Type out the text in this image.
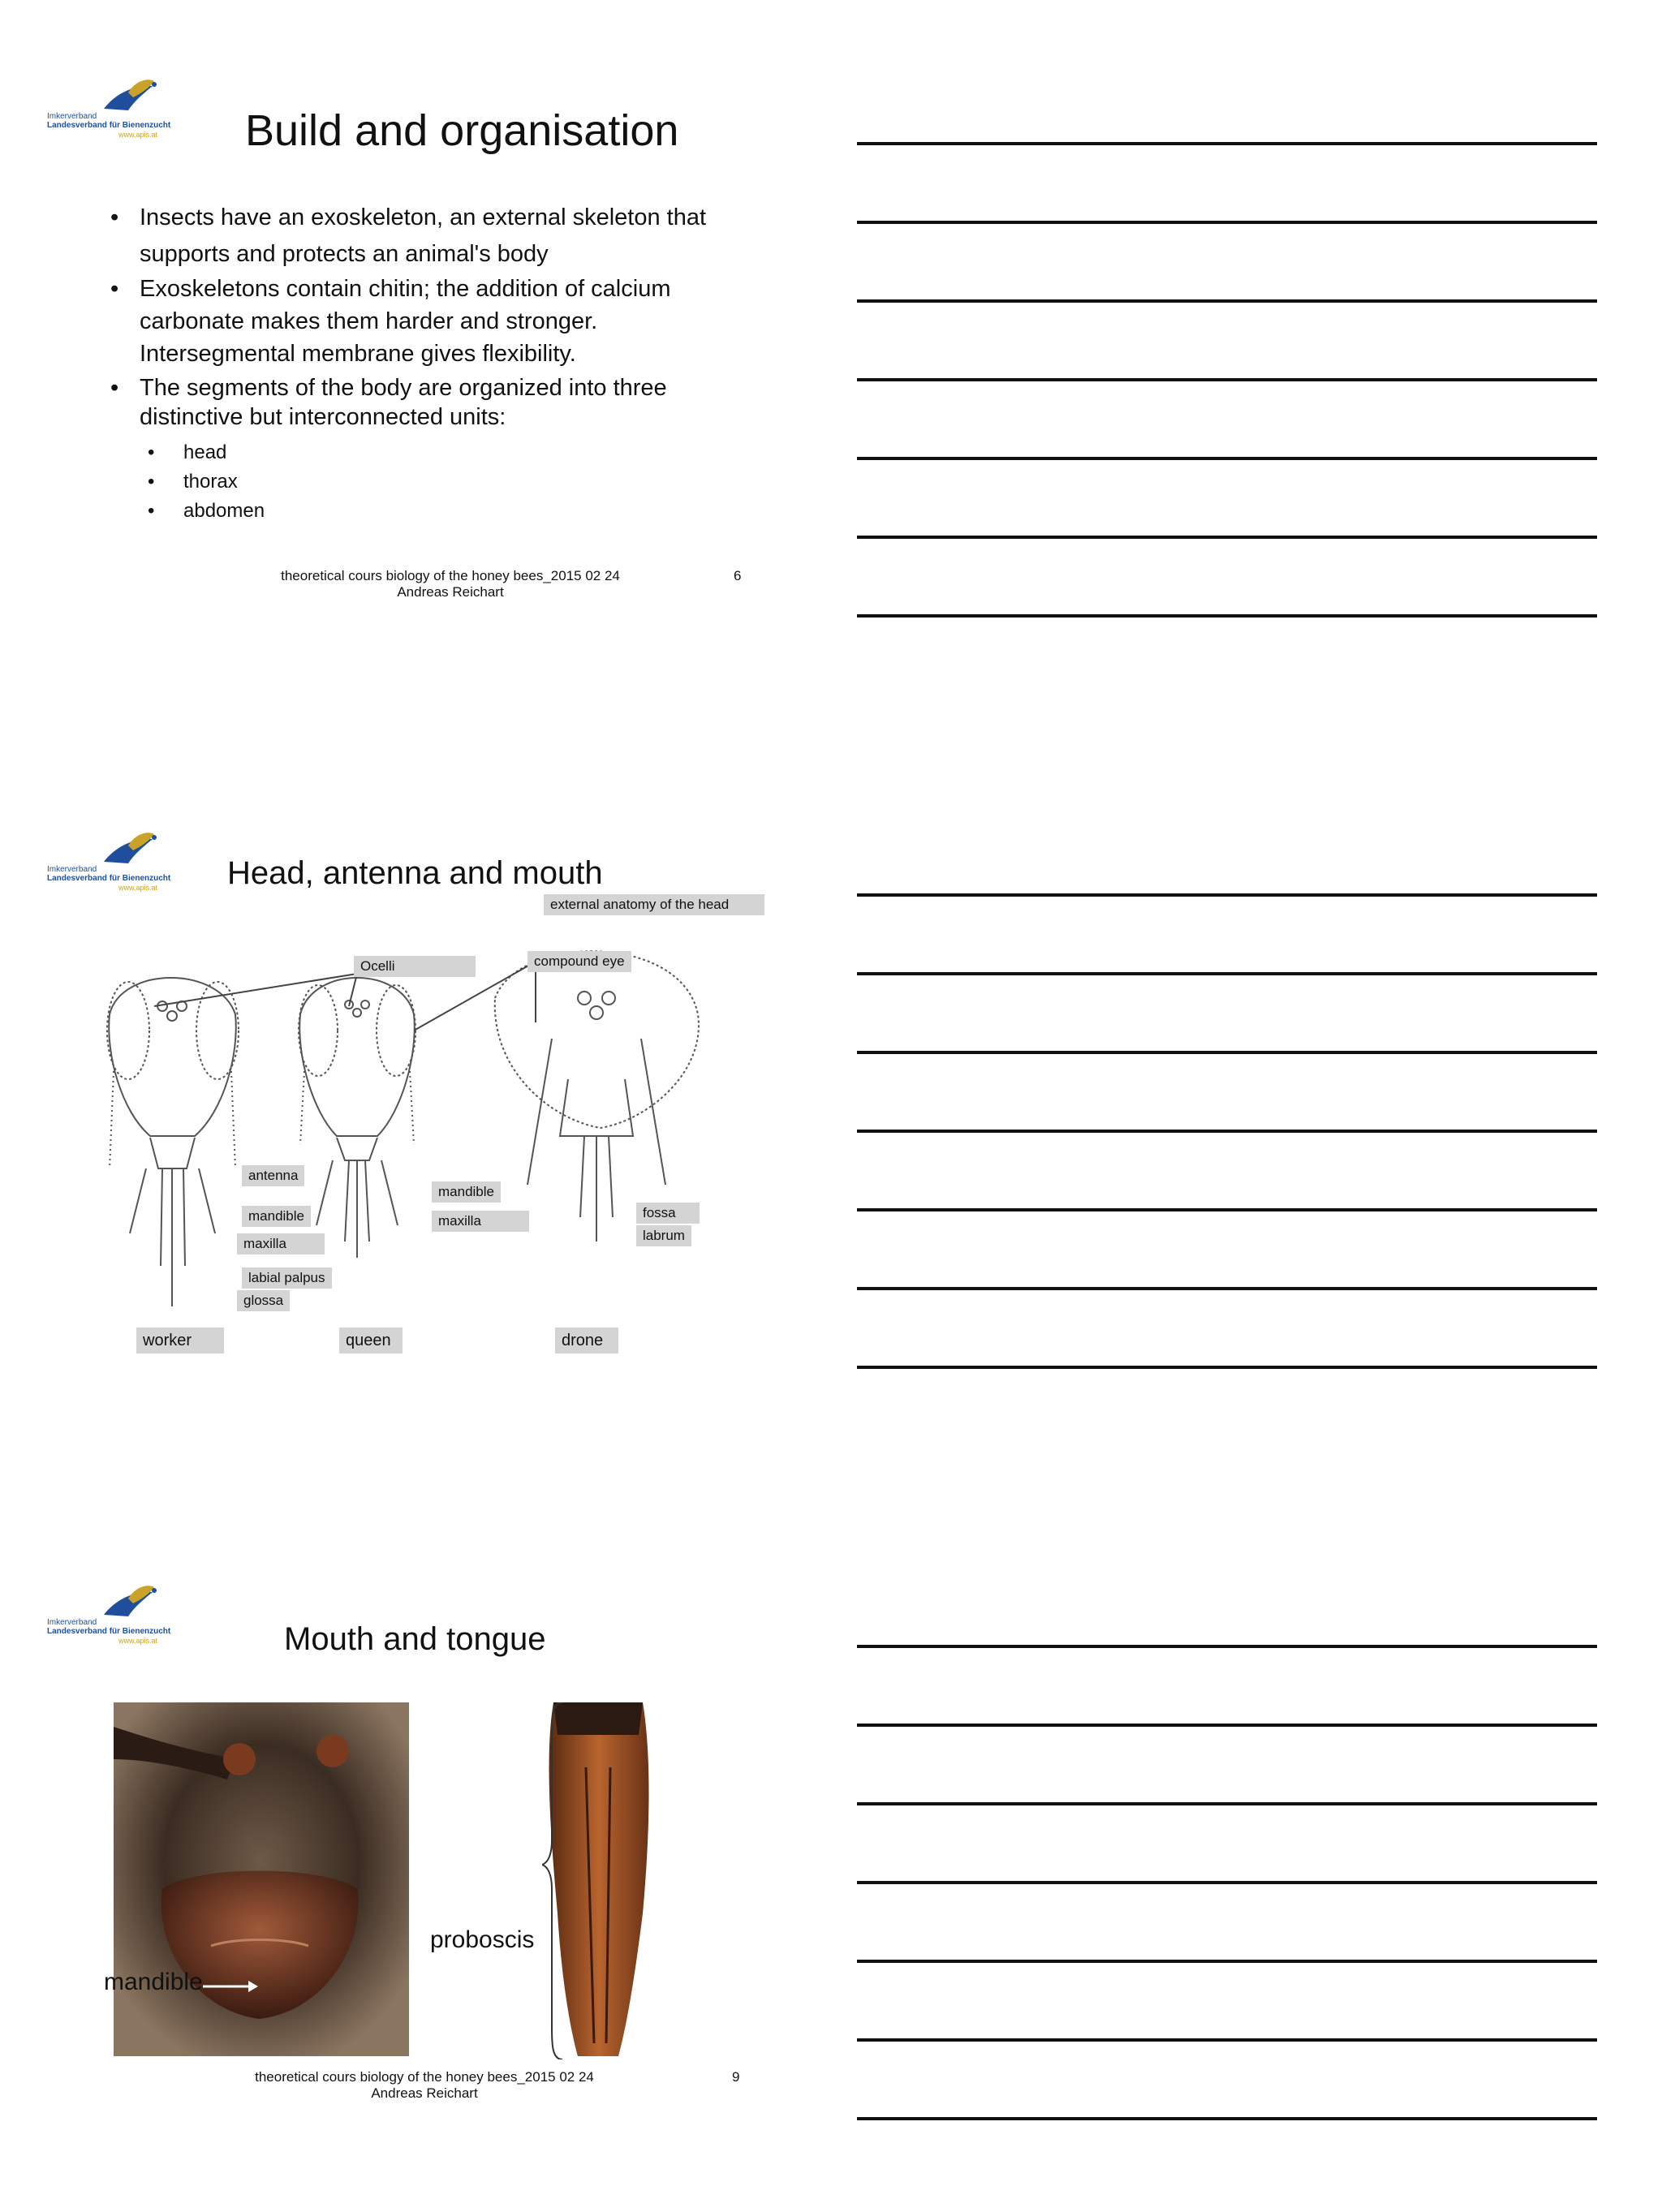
Imkerverband
Landesverband für Bienenzucht
www.apis.at Build and organisation
• Insects have an exoskeleton, an external skeleton that supports and protects an animal's body
• Exoskeletons contain chitin; the addition of calcium carbonate makes them harder and stronger. Intersegmental membrane gives flexibility.
• The segments of the body are organized into three distinctive but interconnected units:
• head
• thorax
• abdomen
theoretical cours biology of the honey bees_2015 02 24
Andreas Reichart
6
Imkerverband
Landesverband für Bienenzucht
www.apis.at Head, antenna and mouth
external anatomy of the head
Ocelli	compound eye
antenna
mandible
maxilla
labial palpus
glossa
mandible
maxilla
fossa
labrum
worker	queen	drone
Imkerverband
Landesverband für Bienenzucht
www.apis.at	Mouth and tongue
proboscis
mandible
theoretical cours biology of the honey bees_2015 02 24
Andreas Reichart
9
